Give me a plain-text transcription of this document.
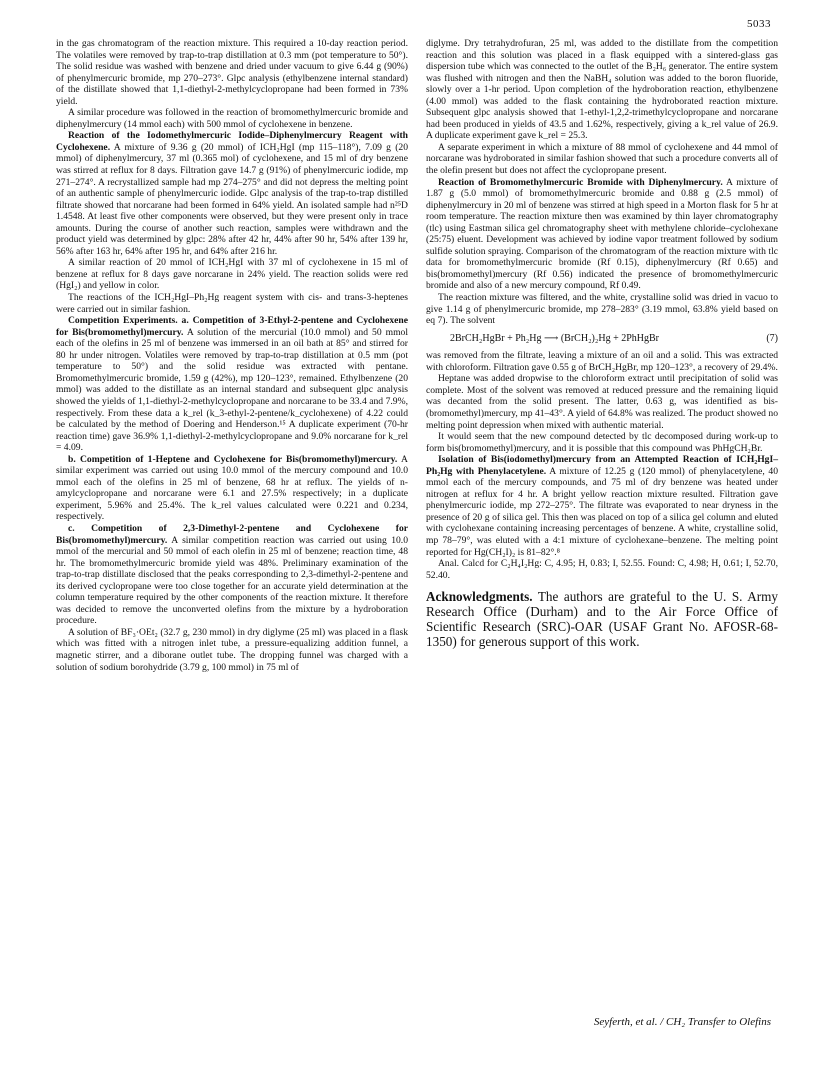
5033

in the gas chromatogram of the reaction mixture. This required a 10-day reaction period. The volatiles were removed by trap-to-trap distillation at 0.3 mm (pot temperature to 50°). The solid residue was washed with benzene and dried under vacuum to give 6.44 g (90%) of phenylmercuric bromide, mp 270–273°. Glpc analysis (ethylbenzene internal standard) of the distillate showed that 1,1-diethyl-2-methylcyclopropane had been formed in 73% yield.

A similar procedure was followed in the reaction of bromomethylmercuric bromide and diphenylmercury (14 mmol each) with 500 mmol of cyclohexene in benzene.

Reaction of the Iodomethylmercuric Iodide–Diphenylmercury Reagent with Cyclohexene. A mixture of 9.36 g (20 mmol) of ICH₂HgI (mp 115–118°), 7.09 g (20 mmol) of diphenylmercury, 37 ml (0.365 mol) of cyclohexene, and 15 ml of dry benzene was stirred at reflux for 8 days. Filtration gave 14.7 g (91%) of phenylmercuric iodide, mp 271–274°. A recrystallized sample had mp 274–275° and did not depress the melting point of an authentic sample of phenylmercuric iodide. Glpc analysis of the trap-to-trap distilled filtrate showed that norcarane had been formed in 64% yield. An isolated sample had n²⁵D 1.4548. At least five other components were observed, but they were present only in trace amounts. During the course of another such reaction, samples were withdrawn and the product yield was determined by glpc: 28% after 42 hr, 44% after 90 hr, 54% after 139 hr, 56% after 163 hr, 64% after 195 hr, and 64% after 216 hr.

A similar reaction of 20 mmol of ICH₂HgI with 37 ml of cyclohexene in 15 ml of benzene at reflux for 8 days gave norcarane in 24% yield. The reaction solids were red (HgI₂) and yellow in color.

The reactions of the ICH₂HgI–Ph₂Hg reagent system with cis- and trans-3-heptenes were carried out in similar fashion.

Competition Experiments. a. Competition of 3-Ethyl-2-pentene and Cyclohexene for Bis(bromomethyl)mercury. A solution of the mercurial (10.0 mmol) and 50 mmol each of the olefins in 25 ml of benzene was immersed in an oil bath at 85° and stirred for 80 hr under nitrogen. Volatiles were removed by trap-to-trap distillation at 0.5 mm (pot temperature to 50°) and the solid residue was extracted with pentane. Bromomethylmercuric bromide, 1.59 g (42%), mp 120–123°, remained. Ethylbenzene (20 mmol) was added to the distillate as an internal standard and subsequent glpc analysis showed the yields of 1,1-diethyl-2-methylcyclopropane and norcarane to be 33.4 and 7.9%, respectively. From these data a k_rel (k_3-ethyl-2-pentene/k_cyclohexene) of 4.22 could be calculated by the method of Doering and Henderson.¹⁵ A duplicate experiment (70-hr reaction time) gave 36.9% 1,1-diethyl-2-methylcyclopropane and 9.0% norcarane for k_rel = 4.09.

b. Competition of 1-Heptene and Cyclohexene for Bis(bromomethyl)mercury. A similar experiment was carried out using 10.0 mmol of the mercury compound and 10.0 mmol each of the olefins in 25 ml of benzene, 68 hr at reflux. The yields of n-amylcyclopropane and norcarane were 6.1 and 27.5% respectively; in a duplicate experiment, 5.96% and 25.4%. The k_rel values calculated were 0.221 and 0.234, respectively.

c. Competition of 2,3-Dimethyl-2-pentene and Cyclohexene for Bis(bromomethyl)mercury. A similar competition reaction was carried out using 10.0 mmol of the mercurial and 50 mmol of each olefin in 25 ml of benzene; reaction time, 48 hr. The bromomethylmercuric bromide yield was 48%. Preliminary examination of the trap-to-trap distillate disclosed that the peaks corresponding to 2,3-dimethyl-2-pentene and its derived cyclopropane were too close together for an accurate yield determination at the column temperature required by the other components of the reaction mixture. It therefore was decided to remove the unconverted olefins from the mixture by a hydroboration procedure.

A solution of BF₃·OEt₂ (32.7 g, 230 mmol) in dry diglyme (25 ml) was placed in a flask which was fitted with a nitrogen inlet tube, a pressure-equalizing addition funnel, a magnetic stirrer, and a diborane outlet tube. The dropping funnel was charged with a solution of sodium borohydride (3.79 g, 100 mmol) in 75 ml of

diglyme. Dry tetrahydrofuran, 25 ml, was added to the distillate from the competition reaction and this solution was placed in a flask equipped with a sintered-glass gas dispersion tube which was connected to the outlet of the B₂H₆ generator. The entire system was flushed with nitrogen and then the NaBH₄ solution was added to the boron fluoride, slowly over a 1-hr period. Upon completion of the hydroboration reaction, ethylbenzene (4.00 mmol) was added to the flask containing the hydroborated reaction mixture. Subsequent glpc analysis showed that 1-ethyl-1,2,2-trimethylcyclopropane and norcarane had been produced in yields of 43.5 and 1.62%, respectively, giving a k_rel value of 26.9. A duplicate experiment gave k_rel = 25.3.

A separate experiment in which a mixture of 88 mmol of cyclohexene and 44 mmol of norcarane was hydroborated in similar fashion showed that such a procedure converts all of the olefin present but does not affect the cyclopropane present.

Reaction of Bromomethylmercuric Bromide with Diphenylmercury. A mixture of 1.87 g (5.0 mmol) of bromomethylmercuric bromide and 0.88 g (2.5 mmol) of diphenylmercury in 20 ml of benzene was stirred at high speed in a Morton flask for 5 hr at room temperature. The reaction mixture then was examined by thin layer chromatography (tlc) using Eastman silica gel chromatography sheet with methylene chloride–cyclohexane (25:75) eluent. Development was achieved by iodine vapor treatment followed by sodium sulfide solution spraying. Comparison of the chromatogram of the reaction mixture with tlc data for bromomethylmercuric bromide (Rf 0.15), diphenylmercury (Rf 0.65) and bis(bromomethyl)mercury (Rf 0.56) indicated the presence of bromomethylmercuric bromide and also of a new mercury compound, Rf 0.49.

The reaction mixture was filtered, and the white, crystalline solid was dried in vacuo to give 1.14 g of phenylmercuric bromide, mp 278–283° (3.19 mmol, 63.8% yield based on eq 7). The solvent

2BrCH₂HgBr + Ph₂Hg ⟶ (BrCH₂)₂Hg + 2PhHgBr	(7)

was removed from the filtrate, leaving a mixture of an oil and a solid. This was extracted with chloroform. Filtration gave 0.55 g of BrCH₂HgBr, mp 120–123°, a recovery of 29.4%.

Heptane was added dropwise to the chloroform extract until precipitation of solid was complete. Most of the solvent was removed at reduced pressure and the remaining liquid was decanted from the solid present. The latter, 0.63 g, was identified as bis-(bromomethyl)mercury, mp 41–43°. A yield of 64.8% was realized. The product showed no melting point depression when mixed with authentic material.

It would seem that the new compound detected by tlc decomposed during work-up to form bis(bromomethyl)mercury, and it is possible that this compound was PhHgCH₂Br.

Isolation of Bis(iodomethyl)mercury from an Attempted Reaction of ICH₂HgI–Ph₂Hg with Phenylacetylene. A mixture of 12.25 g (120 mmol) of phenylacetylene, 40 mmol each of the mercury compounds, and 75 ml of dry benzene was heated under nitrogen at reflux for 4 hr. A bright yellow reaction mixture resulted. Filtration gave phenylmercuric iodide, mp 272–275°. The filtrate was evaporated to near dryness in the presence of 20 g of silica gel. This then was placed on top of a silica gel column and eluted with cyclohexane containing increasing percentages of benzene. A white, crystalline solid, mp 78–79°, was eluted with a 4:1 mixture of cyclohexane–benzene. The melting point reported for Hg(CH₂I)₂ is 81–82°.⁸

Anal. Calcd for C₂H₄I₂Hg: C, 4.95; H, 0.83; I, 52.55. Found: C, 4.98; H, 0.61; I, 52.70, 52.40.

Acknowledgments. The authors are grateful to the U. S. Army Research Office (Durham) and to the Air Force Office of Scientific Research (SRC)-OAR (USAF Grant No. AFOSR-68-1350) for generous support of this work.
Seyferth, et al. / CH₂ Transfer to Olefins
